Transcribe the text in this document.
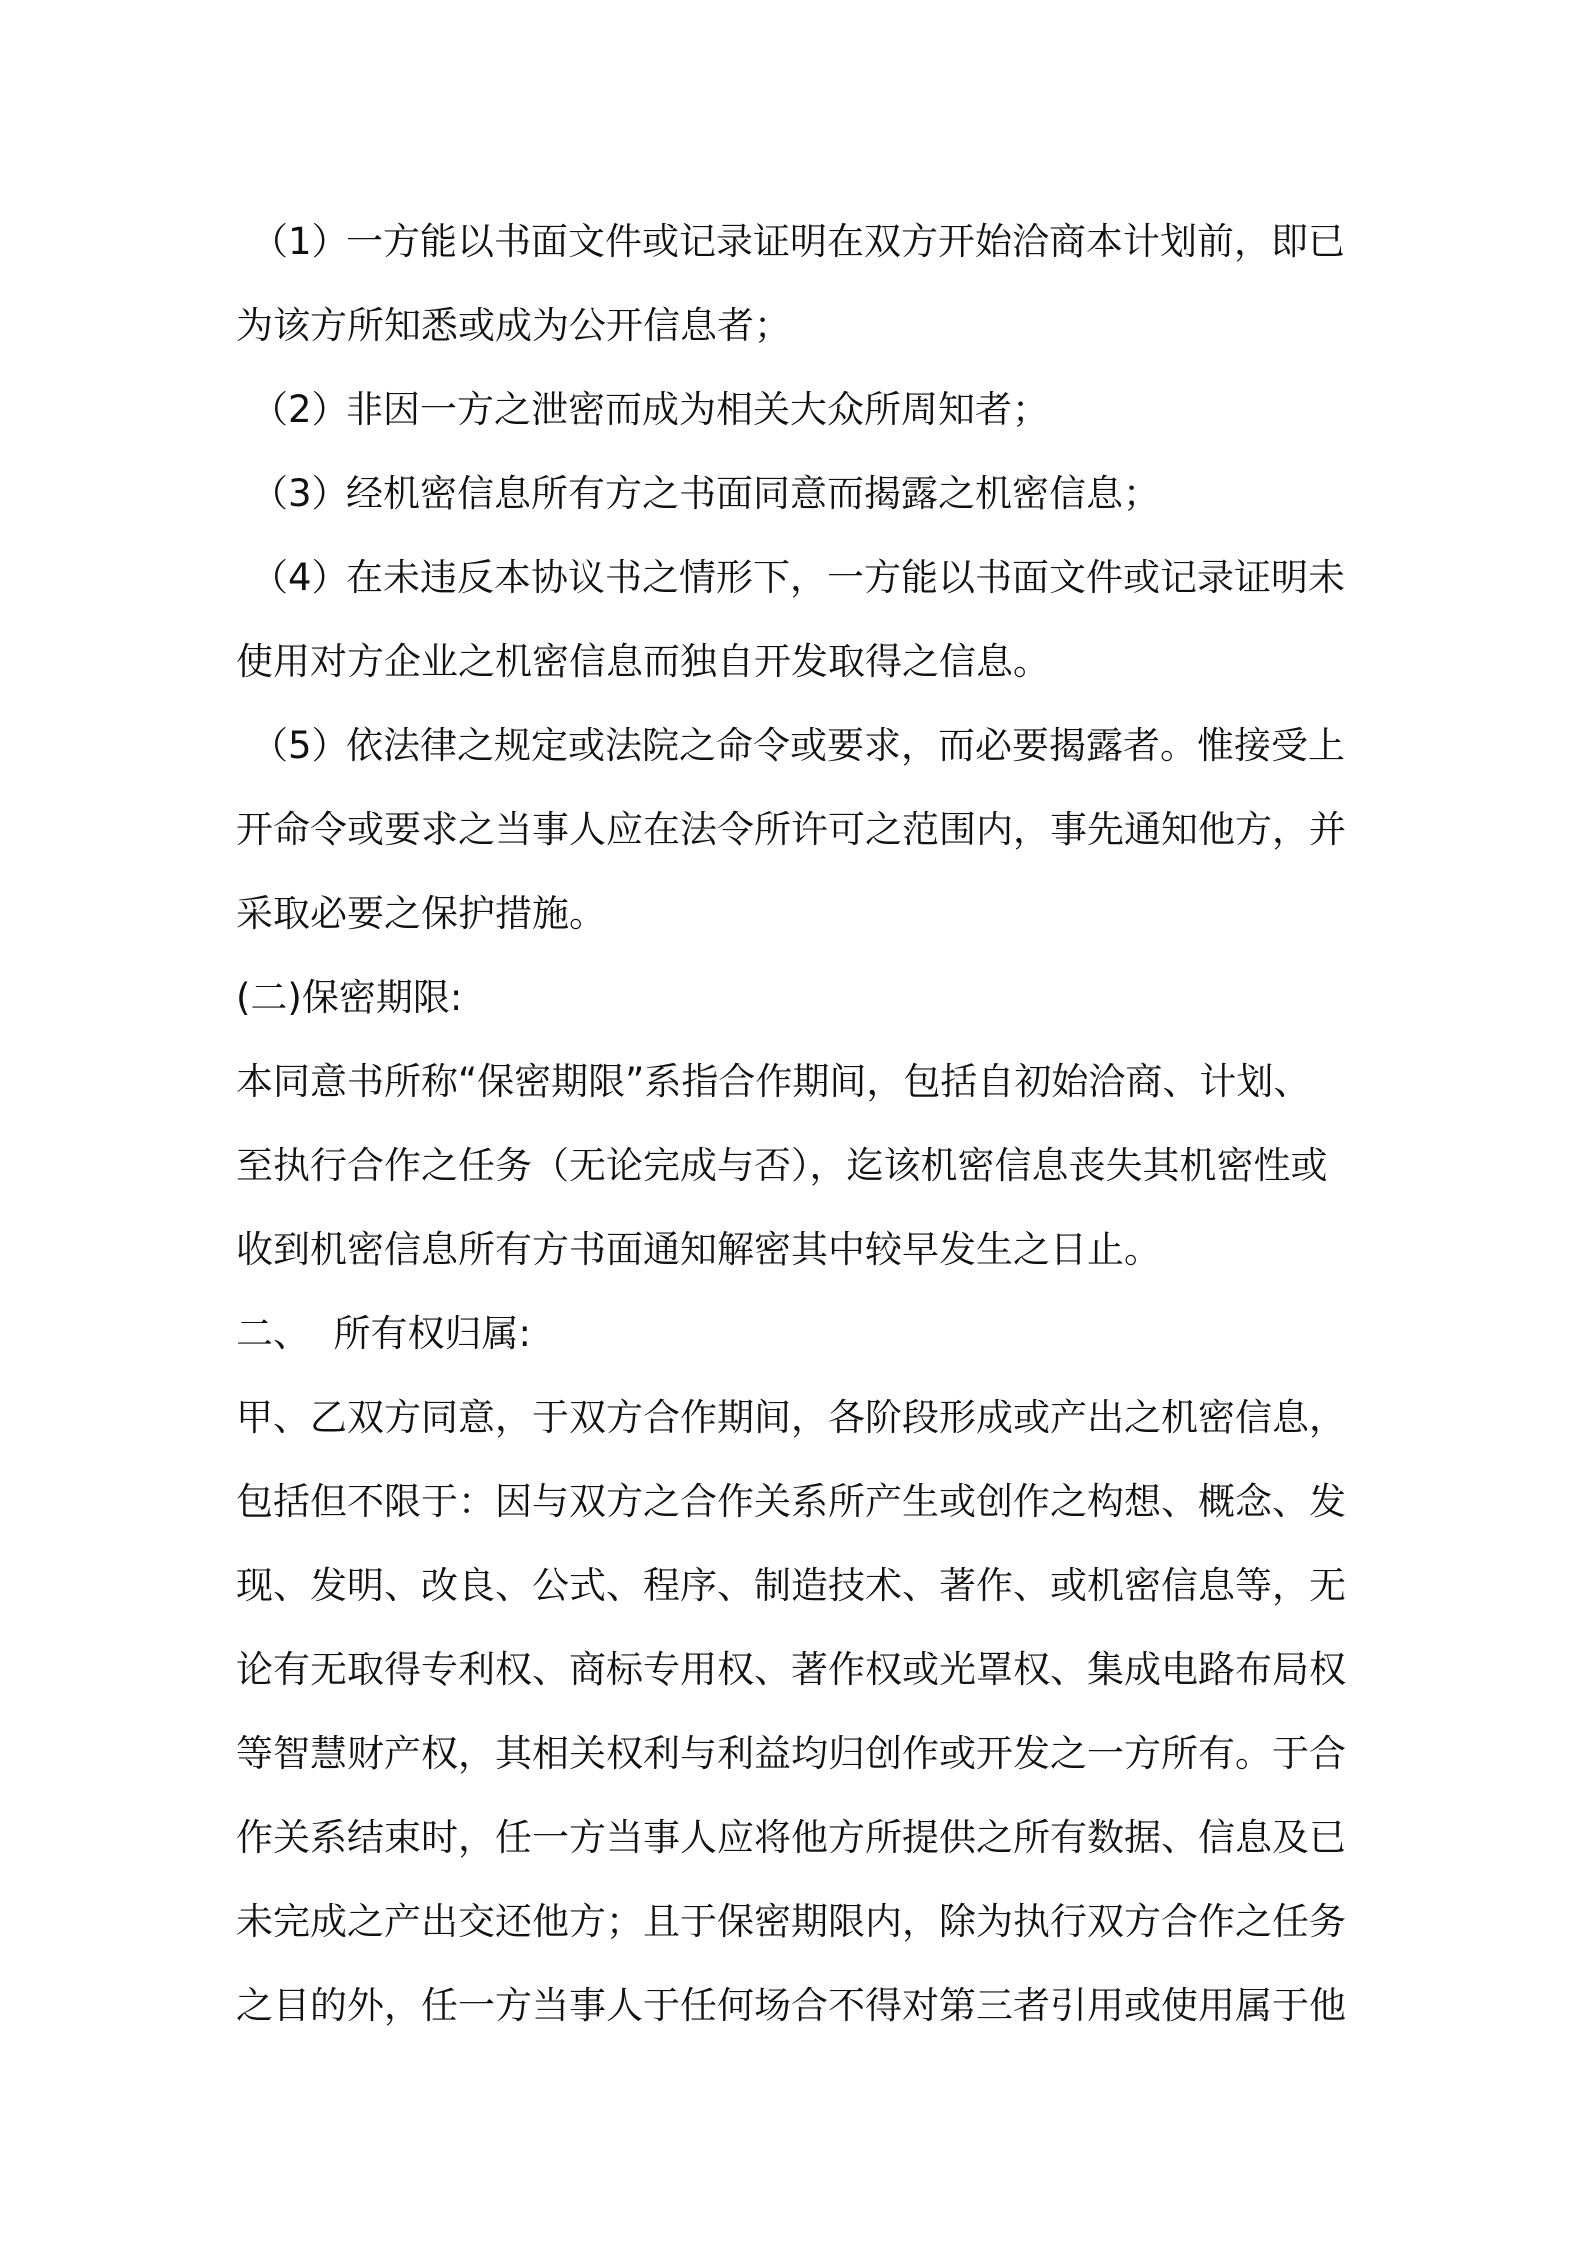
（1）一方能以书面文件或记录证明在双方开始洽商本计划前，即已
为该方所知悉或成为公开信息者；
（2）非因一方之泄密而成为相关大众所周知者；
（3）经机密信息所有方之书面同意而揭露之机密信息；
（4）在未违反本协议书之情形下，一方能以书面文件或记录证明未
使用对方企业之机密信息而独自开发取得之信息。
（5）依法律之规定或法院之命令或要求，而必要揭露者。惟接受上
开命令或要求之当事人应在法令所许可之范围内，事先通知他方，并
采取必要之保护措施。
(二)保密期限:
本同意书所称“保密期限”系指合作期间，包括自初始洽商、计划、
至执行合作之任务（无论完成与否），迄该机密信息丧失其机密性或
收到机密信息所有方书面通知解密其中较早发生之日止。
二、  所有权归属:
甲、乙双方同意，于双方合作期间，各阶段形成或产出之机密信息，
包括但不限于：因与双方之合作关系所产生或创作之构想、概念、发
现、发明、改良、公式、程序、制造技术、著作、或机密信息等，无
论有无取得专利权、商标专用权、著作权或光罩权、集成电路布局权
等智慧财产权，其相关权利与利益均归创作或开发之一方所有。于合
作关系结束时，任一方当事人应将他方所提供之所有数据、信息及已
未完成之产出交还他方；且于保密期限内，除为执行双方合作之任务
之目的外，任一方当事人于任何场合不得对第三者引用或使用属于他
